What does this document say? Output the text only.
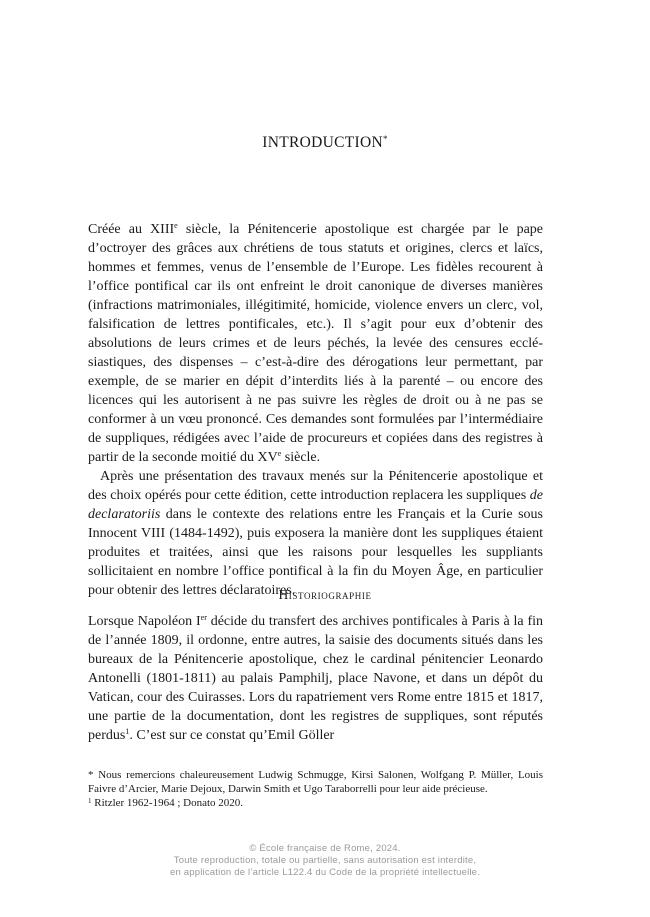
INTRODUCTION*

Créée au XIIIe siècle, la Pénitencerie apostolique est chargée par le pape d’octroyer des grâces aux chrétiens de tous statuts et origines, clercs et laïcs, hommes et femmes, venus de l’ensemble de l’Europe. Les fidèles recourent à l’office pontifical car ils ont enfreint le droit canonique de diverses manières (infractions matrimoniales, illégitimité, homicide, violence envers un clerc, vol, falsification de lettres pontificales, etc.). Il s’agit pour eux d’obtenir des absolutions de leurs crimes et de leurs péchés, la levée des censures ecclésiastiques, des dispenses – c’est-à-dire des dérogations leur permettant, par exemple, de se marier en dépit d’interdits liés à la parenté – ou encore des licences qui les autorisent à ne pas suivre les règles de droit ou à ne pas se conformer à un vœu prononcé. Ces demandes sont formulées par l’intermédiaire de suppliques, rédigées avec l’aide de procureurs et copiées dans des registres à partir de la seconde moitié du XVe siècle.

Après une présentation des travaux menés sur la Pénitencerie apostolique et des choix opérés pour cette édition, cette introduction replacera les suppliques de declaratoriis dans le contexte des relations entre les Français et la Curie sous Innocent VIII (1484-1492), puis exposera la manière dont les suppliques étaient produites et traitées, ainsi que les raisons pour lesquelles les suppliants sollicitaient en nombre l’office pontifical à la fin du Moyen Âge, en particulier pour obtenir des lettres déclaratoires.

Historiographie

Lorsque Napoléon Ier décide du transfert des archives pontificales à Paris à la fin de l’année 1809, il ordonne, entre autres, la saisie des documents situés dans les bureaux de la Pénitencerie apostolique, chez le cardinal pénitencier Leonardo Antonelli (1801-1811) au palais Pamphilj, place Navone, et dans un dépôt du Vatican, cour des Cuirasses. Lors du rapatriement vers Rome entre 1815 et 1817, une partie de la documentation, dont les registres de suppliques, sont réputés perdus$^1$. C’est sur ce constat qu’Emil Göller

* Nous remercions chaleureusement Ludwig Schmugge, Kirsi Salonen, Wolfgang P. Müller, Louis Faivre d’Arcier, Marie Dejoux, Darwin Smith et Ugo Taraborrelli pour leur aide précieuse.

$^1$ Ritzler 1962-1964 ; Donato 2020.

© École française de Rome, 2024.
Toute reproduction, totale ou partielle, sans autorisation est interdite,
en application de l’article L122.4 du Code de la propriété intellectuelle.
